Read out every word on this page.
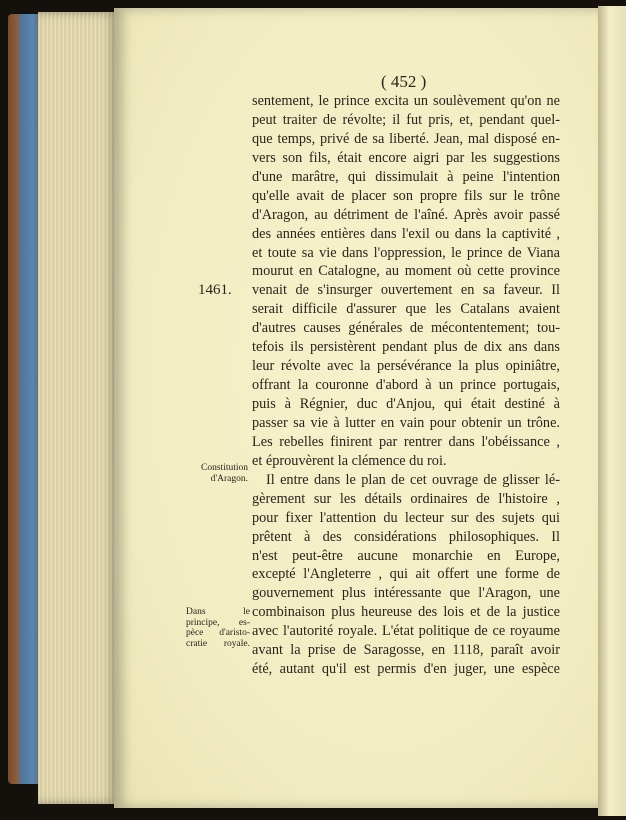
( 452 )
1461.
Constitution
d'Aragon.
Dans le
principe, es-
pèce d'aristo-
cratie royale.
sentement, le prince excita un soulèvement qu'on ne
peut traiter de révolte; il fut pris, et, pendant quel-
que temps, privé de sa liberté. Jean, mal disposé en-
vers son fils, était encore aigri par les suggestions
d'une marâtre, qui dissimulait à peine l'intention
qu'elle avait de placer son propre fils sur le trône
d'Aragon, au détriment de l'aîné. Après avoir passé
des années entières dans l'exil ou dans la captivité ,
et toute sa vie dans l'oppression, le prince de Viana
mourut en Catalogne, au moment où cette province
venait de s'insurger ouvertement en sa faveur. Il
serait difficile d'assurer que les Catalans avaient
d'autres causes générales de mécontentement; tou-
tefois ils persistèrent pendant plus de dix ans dans
leur révolte avec la persévérance la plus opiniâtre,
offrant la couronne d'abord à un prince portugais,
puis à Régnier, duc d'Anjou, qui était destiné à
passer sa vie à lutter en vain pour obtenir un trône.
Les rebelles finirent par rentrer dans l'obéissance ,
et éprouvèrent la clémence du roi.
Il entre dans le plan de cet ouvrage de glisser lé-
gèrement sur les détails ordinaires de l'histoire ,
pour fixer l'attention du lecteur sur des sujets qui
prêtent à des considérations philosophiques. Il
n'est peut-être aucune monarchie en Europe,
excepté l'Angleterre , qui ait offert une forme de
gouvernement plus intéressante que l'Aragon, une
combinaison plus heureuse des lois et de la justice
avec l'autorité royale. L'état politique de ce royaume
avant la prise de Saragosse, en 1118, paraît avoir
été, autant qu'il est permis d'en juger, une espèce
